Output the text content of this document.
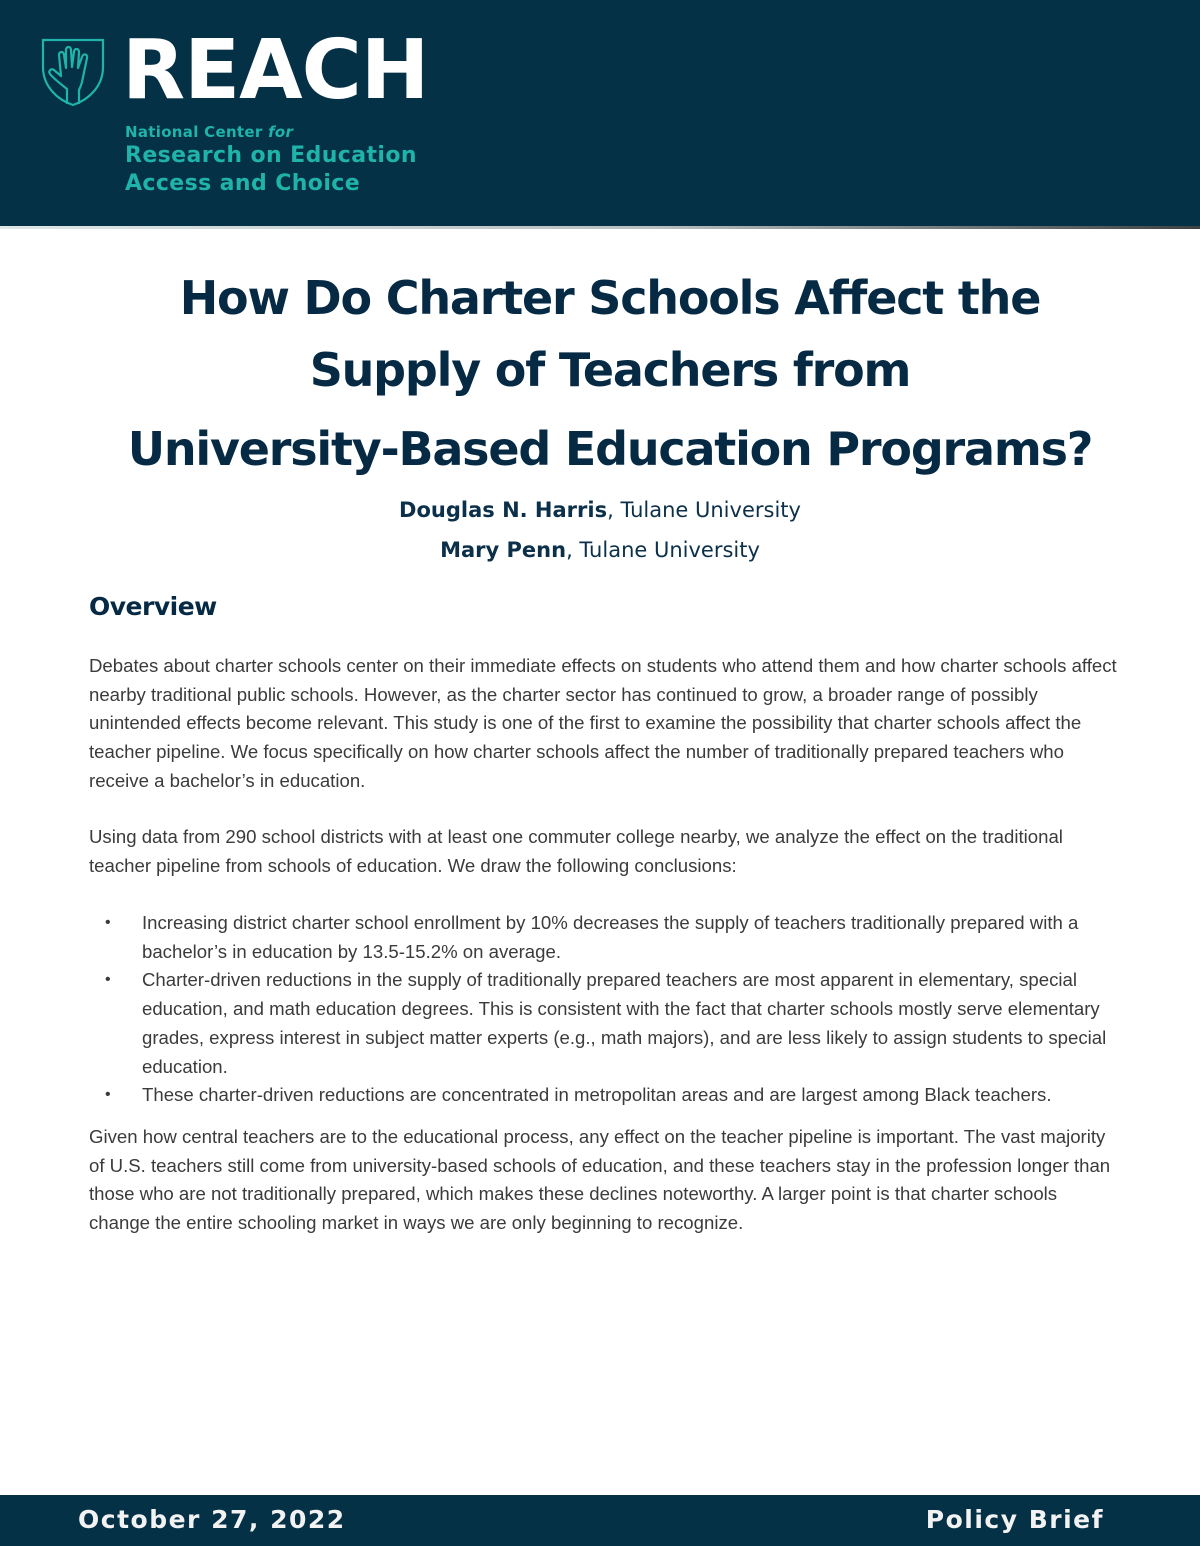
REACH
National Center for
Research on Education
Access and Choice
How Do Charter Schools Affect the
Supply of Teachers from
University-Based Education Programs?
Douglas N. Harris, Tulane University
Mary Penn, Tulane University
Overview

Debates about charter schools center on their immediate effects on students who attend them and how charter schools affect nearby traditional public schools. However, as the charter sector has continued to grow, a broader range of possibly unintended effects become relevant. This study is one of the first to examine the possibility that charter schools affect the teacher pipeline. We focus specifically on how charter schools affect the number of traditionally prepared teachers who receive a bachelor’s in education.

Using data from 290 school districts with at least one commuter college nearby, we analyze the effect on the traditional teacher pipeline from schools of education. We draw the following conclusions:

• Increasing district charter school enrollment by 10% decreases the supply of teachers traditionally prepared with a bachelor’s in education by 13.5-15.2% on average.
• Charter-driven reductions in the supply of traditionally prepared teachers are most apparent in elementary, special education, and math education degrees. This is consistent with the fact that charter schools mostly serve elementary grades, express interest in subject matter experts (e.g., math majors), and are less likely to assign students to special education.
• These charter-driven reductions are concentrated in metropolitan areas and are largest among Black teachers.

Given how central teachers are to the educational process, any effect on the teacher pipeline is important. The vast majority of U.S. teachers still come from university-based schools of education, and these teachers stay in the profession longer than those who are not traditionally prepared, which makes these declines noteworthy. A larger point is that charter schools change the entire schooling market in ways we are only beginning to recognize.

October 27, 2022	Policy Brief
